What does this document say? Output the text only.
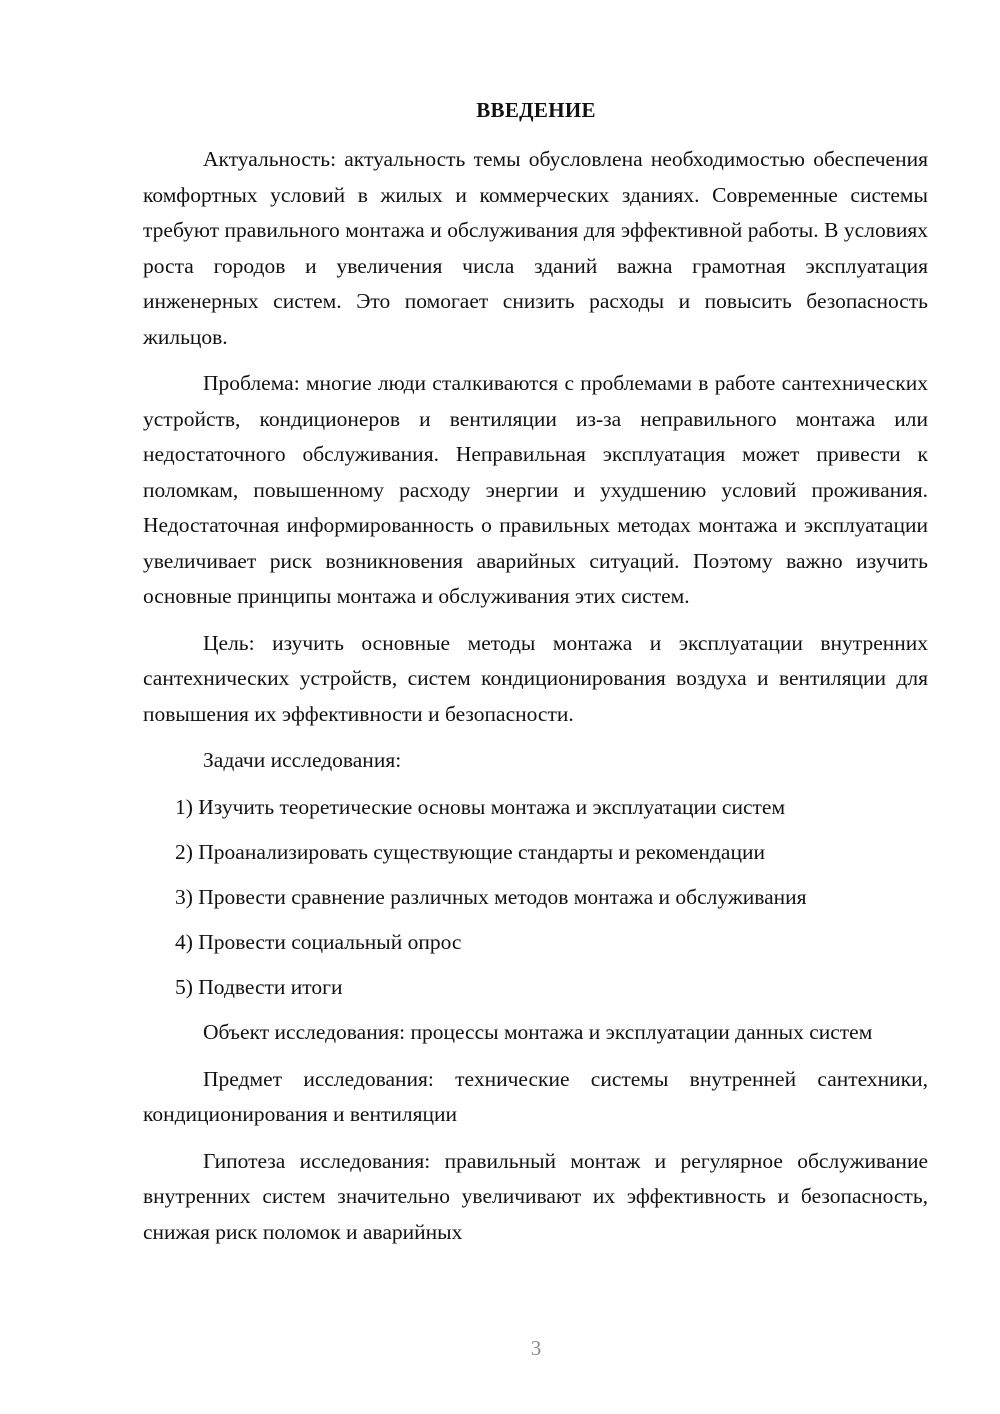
ВВЕДЕНИЕ

Актуальность: актуальность темы обусловлена необходимостью обеспечения комфортных условий в жилых и коммерческих зданиях. Современные системы требуют правильного монтажа и обслуживания для эффективной работы. В условиях роста городов и увеличения числа зданий важна грамотная эксплуатация инженерных систем. Это помогает снизить расходы и повысить безопасность жильцов.

Проблема: многие люди сталкиваются с проблемами в работе сантехнических устройств, кондиционеров и вентиляции из-за неправильного монтажа или недостаточного обслуживания. Неправильная эксплуатация может привести к поломкам, повышенному расходу энергии и ухудшению условий проживания. Недостаточная информированность о правильных методах монтажа и эксплуатации увеличивает риск возникновения аварийных ситуаций. Поэтому важно изучить основные принципы монтажа и обслуживания этих систем.

Цель: изучить основные методы монтажа и эксплуатации внутренних сантехнических устройств, систем кондиционирования воздуха и вентиляции для повышения их эффективности и безопасности.

Задачи исследования:

1) Изучить теоретические основы монтажа и эксплуатации систем
2) Проанализировать существующие стандарты и рекомендации
3) Провести сравнение различных методов монтажа и обслуживания
4) Провести социальный опрос
5) Подвести итоги

Объект исследования: процессы монтажа и эксплуатации данных систем

Предмет исследования: технические системы внутренней сантехники, кондиционирования и вентиляции

Гипотеза исследования: правильный монтаж и регулярное обслуживание внутренних систем значительно увеличивают их эффективность и безопасность, снижая риск поломок и аварийных

3
